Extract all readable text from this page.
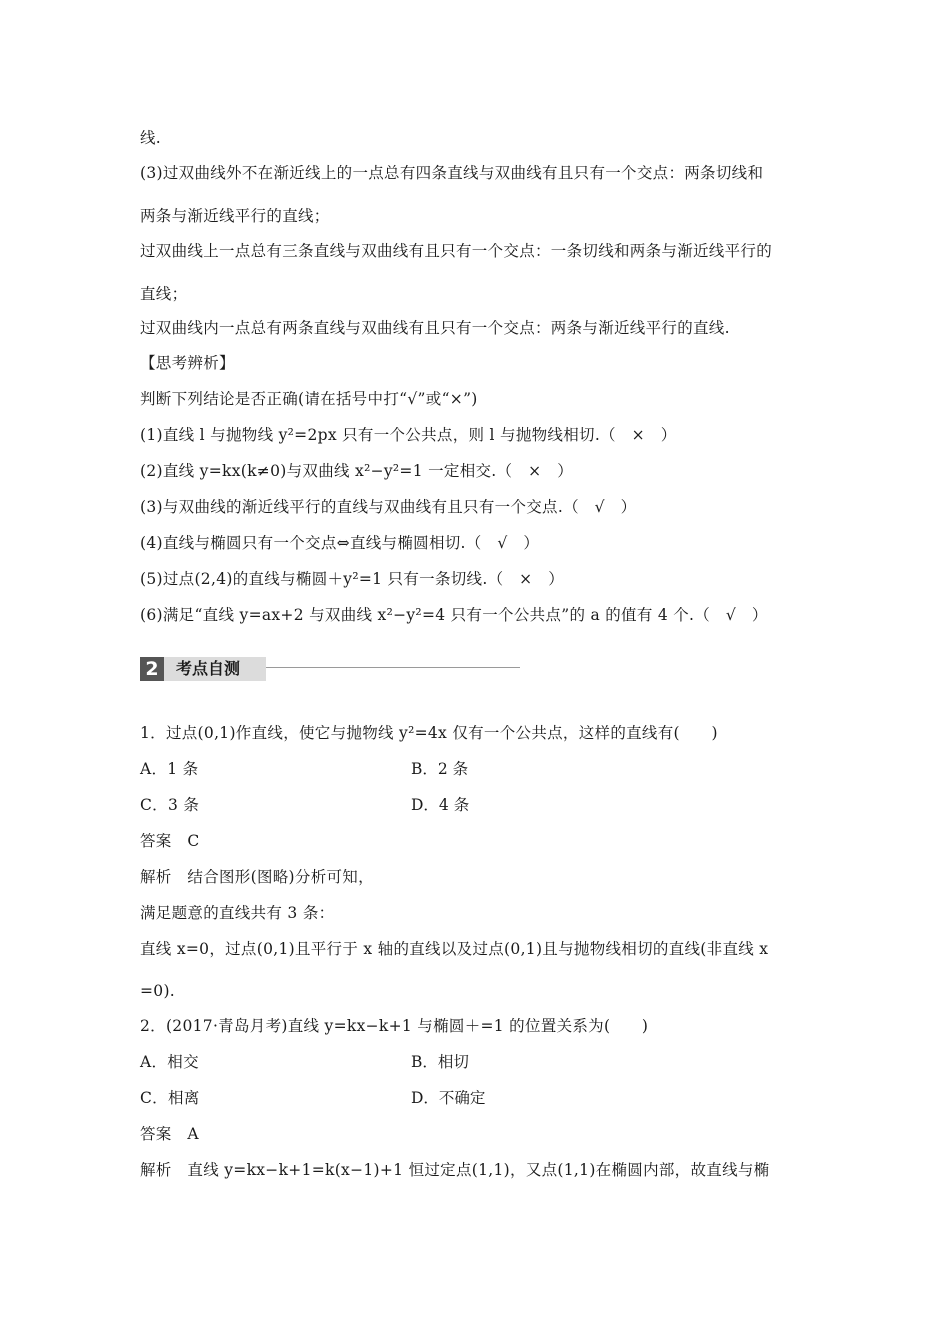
线.
(3)过双曲线外不在渐近线上的一点总有四条直线与双曲线有且只有一个交点：两条切线和
两条与渐近线平行的直线；
过双曲线上一点总有三条直线与双曲线有且只有一个交点：一条切线和两条与渐近线平行的
直线；
过双曲线内一点总有两条直线与双曲线有且只有一个交点：两条与渐近线平行的直线.
【思考辨析】
判断下列结论是否正确(请在括号中打“√”或“×”)
(1)直线 l 与抛物线 y²=2px 只有一个公共点，则 l 与抛物线相切.（　×　）
(2)直线 y=kx(k≠0)与双曲线 x²−y²=1 一定相交.（　×　）
(3)与双曲线的渐近线平行的直线与双曲线有且只有一个交点.（　√　）
(4)直线与椭圆只有一个交点⇔直线与椭圆相切.（　√　）
(5)过点(2,4)的直线与椭圆＋y²=1 只有一条切线.（　×　）
(6)满足“直线 y=ax+2 与双曲线 x²−y²=4 只有一个公共点”的 a 的值有 4 个.（　√　）
2	考点自测
1．过点(0,1)作直线，使它与抛物线 y²=4x 仅有一个公共点，这样的直线有(　　)
A．1 条	B．2 条
C．3 条	D．4 条
答案　C
解析　结合图形(图略)分析可知，
满足题意的直线共有 3 条：
直线 x=0，过点(0,1)且平行于 x 轴的直线以及过点(0,1)且与抛物线相切的直线(非直线 x
=0).
2．(2017·青岛月考)直线 y=kx−k+1 与椭圆＋=1 的位置关系为(　　)
A．相交	B．相切
C．相离	D．不确定
答案　A
解析　直线 y=kx−k+1=k(x−1)+1 恒过定点(1,1)，又点(1,1)在椭圆内部，故直线与椭
